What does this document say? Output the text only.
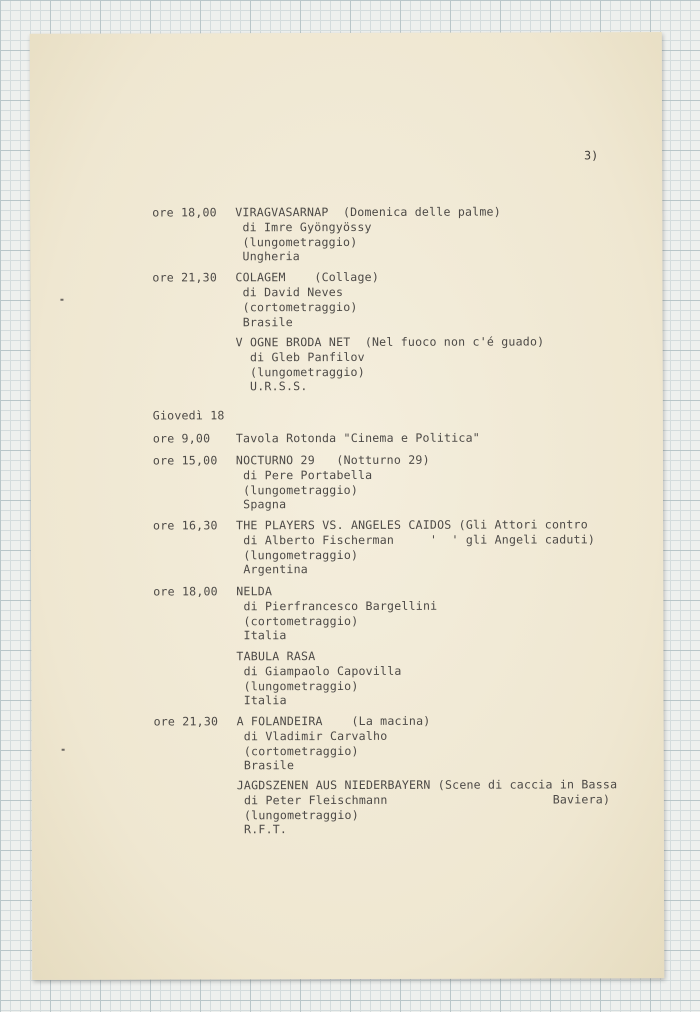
3)
ore 18,00 VIRAGVASARNAP  (Domenica delle palme)
di Imre Gyöngyössy
(lungometraggio)
Ungheria
ore 21,30 COLAGEM    (Collage)
di David Neves
(cortometraggio)
Brasile
V OGNE BRODA NET  (Nel fuoco non c'é guado)
di Gleb Panfilov
(lungometraggio)
U.R.S.S.
Giovedì 18
ore 9,00 Tavola Rotonda "Cinema e Politica"
ore 15,00 NOCTURNO 29   (Notturno 29)
di Pere Portabella
(lungometraggio)
Spagna
ore 16,30 THE PLAYERS VS. ANGELES CAIDOS (Gli Attori contro
di Alberto Fischerman     '  ' gli Angeli caduti)
(lungometraggio)
Argentina
ore 18,00 NELDA
di Pierfrancesco Bargellini
(cortometraggio)
Italia
TABULA RASA
di Giampaolo Capovilla
(lungometraggio)
Italia
ore 21,30 A FOLANDEIRA    (La macina)
di Vladimir Carvalho
(cortometraggio)
Brasile
JAGDSZENEN AUS NIEDERBAYERN (Scene di caccia in Bassa
di Peter Fleischmann                       Baviera)
(lungometraggio)
R.F.T.
